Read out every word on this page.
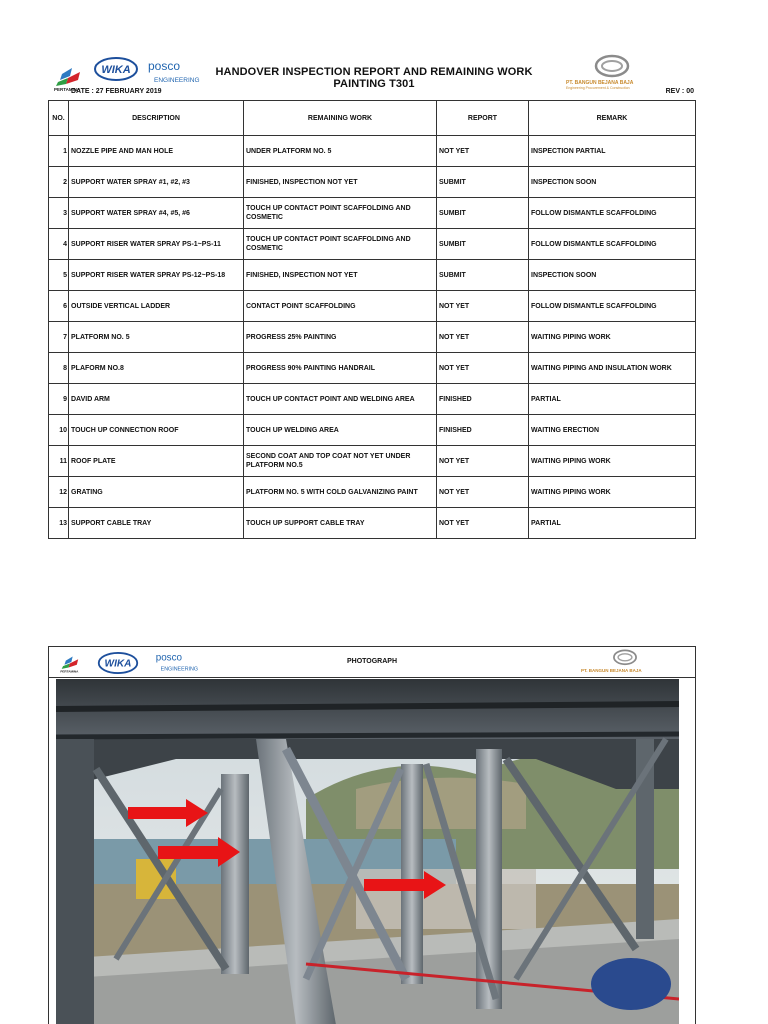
PERTAMINA
WIKA posco
ENGINEERING
HANDOVER INSPECTION REPORT AND REMAINING WORK PAINTING T301	PT. BANGUN BEJANA BAJA
Engineering Procurement & Construction
DATE : 27 FEBRUARY 2019	REV : 00
NO.	DESCRIPTION	REMAINING WORK	REPORT	REMARK
1	NOZZLE PIPE AND MAN HOLE	UNDER PLATFORM NO. 5	NOT YET	INSPECTION PARTIAL
2	SUPPORT WATER SPRAY #1, #2, #3	FINISHED, INSPECTION NOT YET	SUBMIT	INSPECTION SOON
3	SUPPORT WATER SPRAY #4, #5, #6	TOUCH UP CONTACT POINT SCAFFOLDING AND COSMETIC	SUMBIT	FOLLOW DISMANTLE SCAFFOLDING
4	SUPPORT RISER WATER SPRAY PS-1~PS-11	TOUCH UP CONTACT POINT SCAFFOLDING AND COSMETIC	SUMBIT	FOLLOW DISMANTLE SCAFFOLDING
5	SUPPORT RISER WATER SPRAY PS-12~PS-18	FINISHED, INSPECTION NOT YET	SUBMIT	INSPECTION SOON
6	OUTSIDE VERTICAL LADDER	CONTACT POINT SCAFFOLDING	NOT YET	FOLLOW DISMANTLE SCAFFOLDING
7	PLATFORM NO. 5	PROGRESS 25% PAINTING	NOT YET	WAITING PIPING WORK
8	PLAFORM NO.8	PROGRESS 90% PAINTING HANDRAIL	NOT YET	WAITING PIPING AND INSULATION WORK
9	DAVID ARM	TOUCH UP CONTACT POINT AND WELDING AREA	FINISHED	PARTIAL
10	TOUCH UP CONNECTION ROOF	TOUCH UP WELDING AREA	FINISHED	WAITING ERECTION
11	ROOF PLATE	SECOND COAT AND TOP COAT NOT YET UNDER PLATFORM NO.5	NOT YET	WAITING PIPING WORK
12	GRATING	PLATFORM NO. 5 WITH COLD GALVANIZING PAINT	NOT YET	WAITING PIPING WORK
13	SUPPORT CABLE TRAY	TOUCH UP SUPPORT CABLE TRAY	NOT YET	PARTIAL
PERTAMINA
WIKA
posco
ENGINEERING
PHOTOGRAPH
PT. BANGUN BEJANA BAJA
